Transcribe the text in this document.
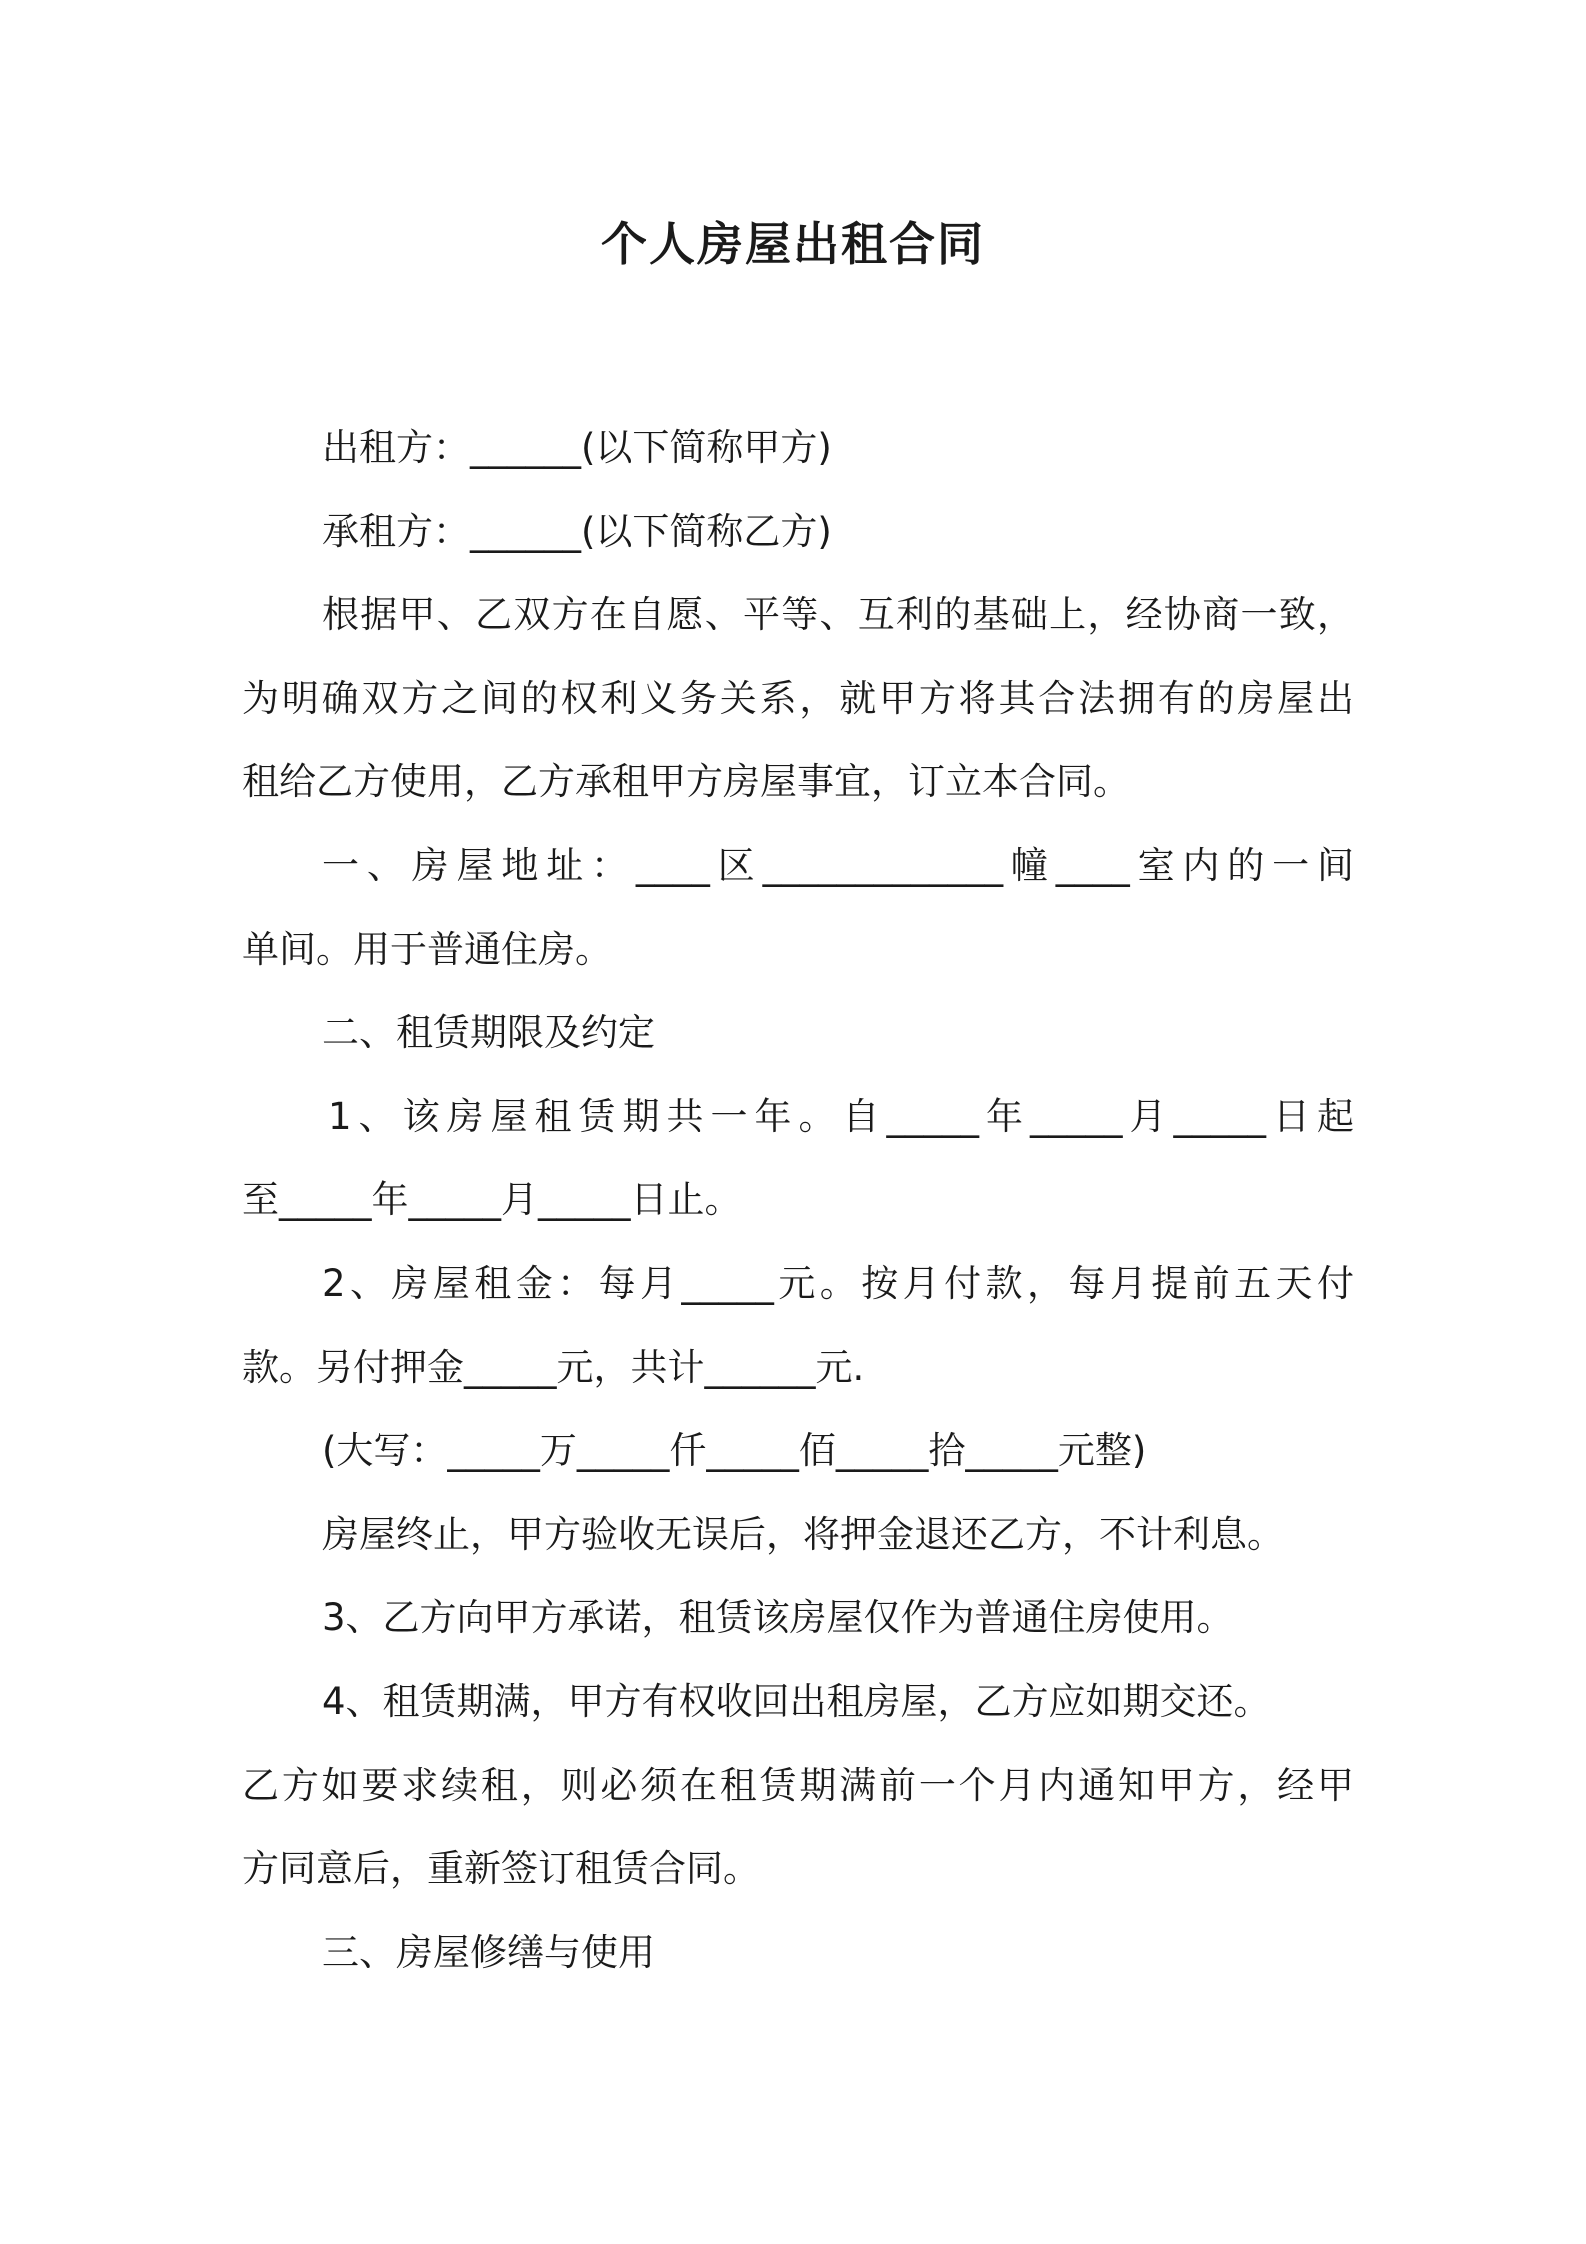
个人房屋出租合同
出租方：______(以下简称甲方)
承租方：______(以下简称乙方)
根据甲、乙双方在自愿、平等、互利的基础上，经协商一致，
为明确双方之间的权利义务关系，就甲方将其合法拥有的房屋出
租给乙方使用，乙方承租甲方房屋事宜，订立本合同。
一、房屋地址：____区_____________幢____室内的一间
单间。用于普通住房。
二、租赁期限及约定
1、该房屋租赁期共一年。自_____年_____月_____日起
至_____年_____月_____日止。
2、房屋租金：每月_____元。按月付款，每月提前五天付
款。另付押金_____元，共计______元.
(大写：_____万_____仟_____佰_____拾_____元整)
房屋终止，甲方验收无误后，将押金退还乙方，不计利息。
3、乙方向甲方承诺，租赁该房屋仅作为普通住房使用。
4、租赁期满，甲方有权收回出租房屋，乙方应如期交还。
乙方如要求续租，则必须在租赁期满前一个月内通知甲方，经甲
方同意后，重新签订租赁合同。
三、房屋修缮与使用
